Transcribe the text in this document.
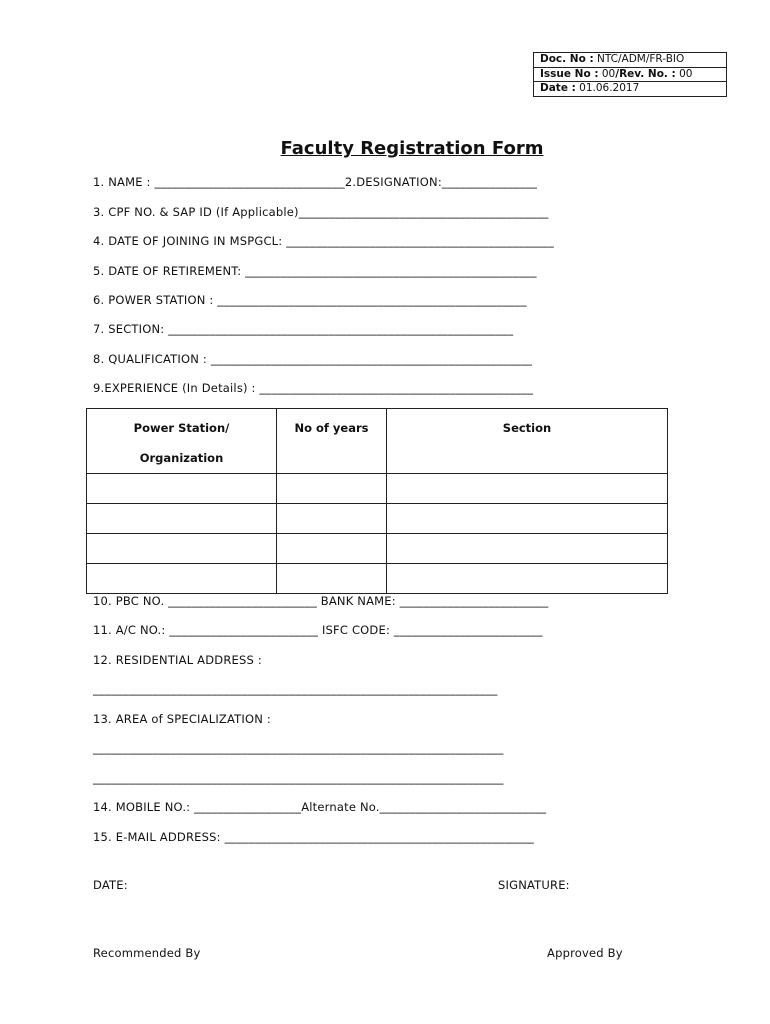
Doc. No : NTC/ADM/FR-BIO
Issue No : 00/Rev. No. : 00
Date : 01.06.2017
Faculty Registration Form
1. NAME : ________________________________2.DESIGNATION:________________
3. CPF NO. & SAP ID (If Applicable)__________________________________________
4. DATE OF JOINING IN MSPGCL: _____________________________________________
5. DATE OF RETIREMENT: _________________________________________________
6. POWER STATION : ____________________________________________________
7. SECTION: __________________________________________________________
8. QUALIFICATION : ______________________________________________________
9.EXPERIENCE (In Details) : ______________________________________________
Power Station/
Organization	No of years	Section

10. PBC NO. _________________________ BANK NAME: _________________________
11. A/C NO.: _________________________ ISFC CODE: _________________________
12. RESIDENTIAL ADDRESS :
____________________________________________________________________
13. AREA of SPECIALIZATION :
_____________________________________________________________________
_____________________________________________________________________
14. MOBILE NO.: __________________Alternate No.____________________________
15. E-MAIL ADDRESS: ____________________________________________________
DATE:	SIGNATURE:
Recommended By	Approved By
